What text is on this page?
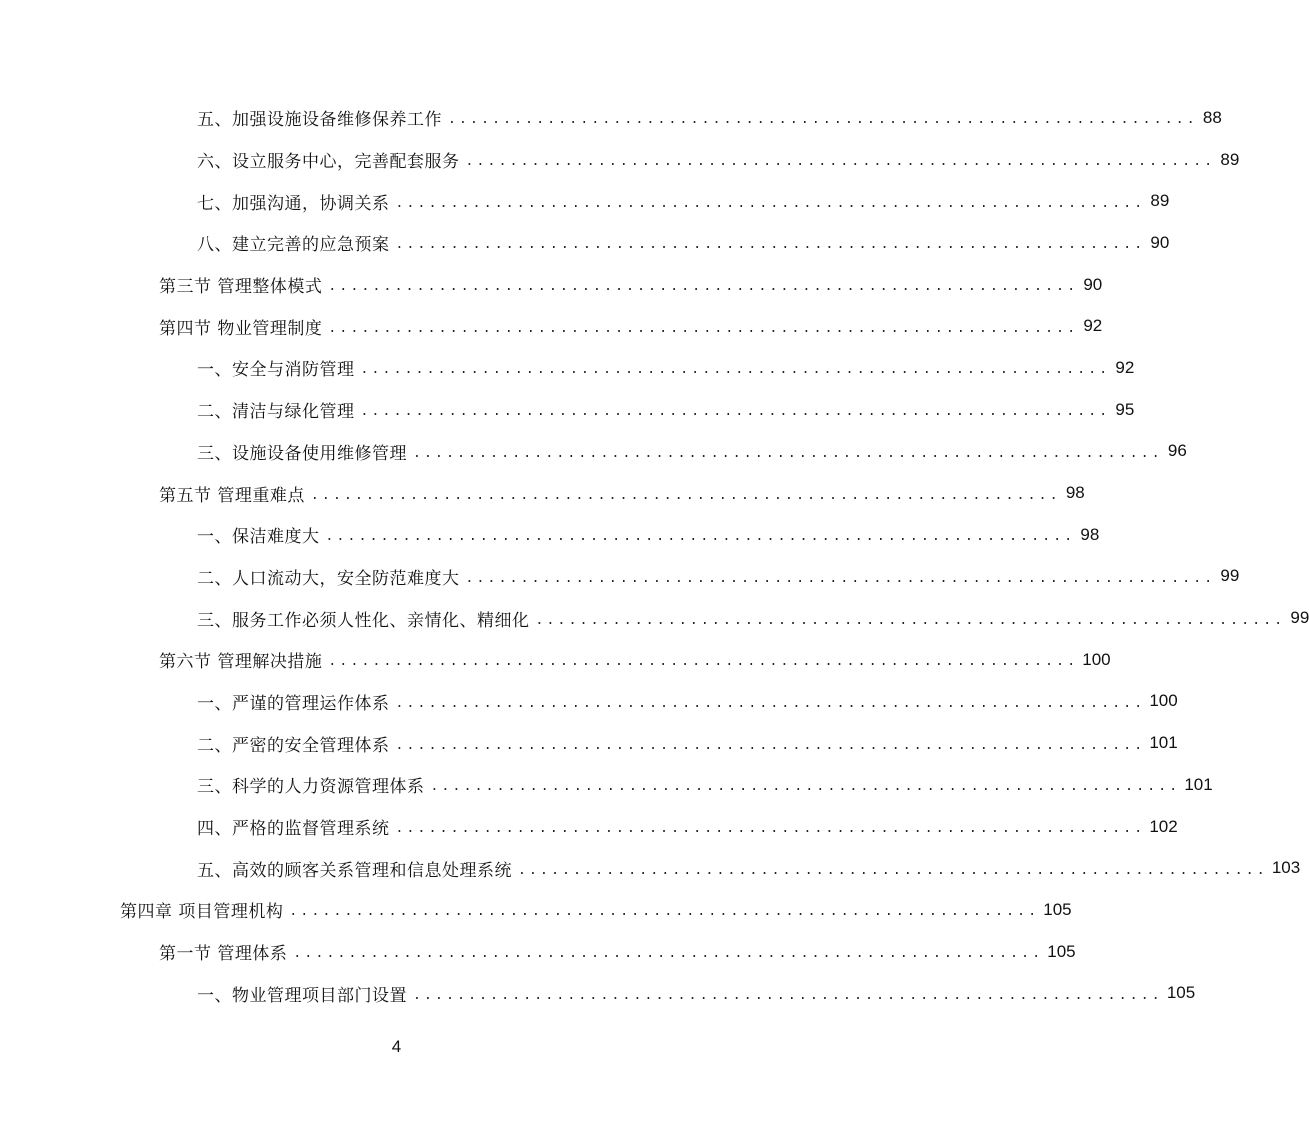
五、加强设施设备维修保养工作 .................................................................... 88
六、设立服务中心，完善配套服务 .................................................................... 89
七、加强沟通，协调关系 .................................................................... 89
八、建立完善的应急预案 .................................................................... 90
第三节 管理整体模式 .................................................................... 90
第四节 物业管理制度 .................................................................... 92
一、安全与消防管理 .................................................................... 92
二、清洁与绿化管理 .................................................................... 95
三、设施设备使用维修管理 .................................................................... 96
第五节 管理重难点 .................................................................... 98
一、保洁难度大 .................................................................... 98
二、人口流动大，安全防范难度大 .................................................................... 99
三、服务工作必须人性化、亲情化、精细化 .................................................................... 99
第六节 管理解决措施 .................................................................... 100
一、严谨的管理运作体系 .................................................................... 100
二、严密的安全管理体系 .................................................................... 101
三、科学的人力资源管理体系 .................................................................... 101
四、严格的监督管理系统 .................................................................... 102
五、高效的顾客关系管理和信息处理系统 .................................................................... 103
第四章 项目管理机构 .................................................................... 105
第一节 管理体系 .................................................................... 105
一、物业管理项目部门设置 .................................................................... 105
4
